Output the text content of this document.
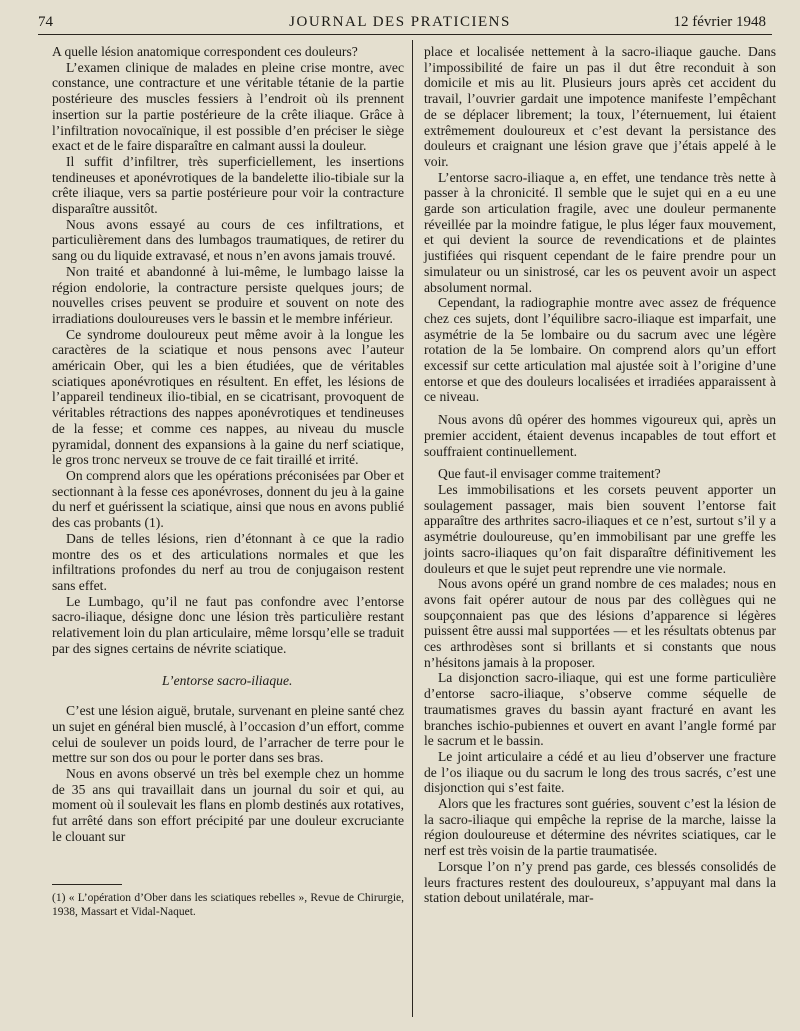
74	JOURNAL DES PRATICIENS	12 février 1948

A quelle lésion anatomique correspondent ces douleurs?

L’examen clinique de malades en pleine crise montre, avec constance, une contracture et une véritable tétanie de la partie postérieure des muscles fessiers à l’endroit où ils prennent insertion sur la partie postérieure de la crête iliaque. Grâce à l’infiltration novocaïnique, il est possible d’en préciser le siège exact et de le faire disparaître en calmant aussi la douleur.

Il suffit d’infiltrer, très superficiellement, les insertions tendineuses et aponévrotiques de la bandelette ilio-tibiale sur la crête iliaque, vers sa partie postérieure pour voir la contracture disparaître aussitôt.

Nous avons essayé au cours de ces infiltrations, et particulièrement dans des lumbagos traumatiques, de retirer du sang ou du liquide extravasé, et nous n’en avons jamais trouvé.

Non traité et abandonné à lui-même, le lumbago laisse la région endolorie, la contracture persiste quelques jours; de nouvelles crises peuvent se produire et souvent on note des irradiations douloureuses vers le bassin et le membre inférieur.

Ce syndrome douloureux peut même avoir à la longue les caractères de la sciatique et nous pensons avec l’auteur américain Ober, qui les a bien étudiées, que de véritables sciatiques aponévrotiques en résultent. En effet, les lésions de l’appareil tendineux ilio-tibial, en se cicatrisant, provoquent de véritables rétractions des nappes aponévrotiques et tendineuses de la fesse; et comme ces nappes, au niveau du muscle pyramidal, donnent des expansions à la gaine du nerf sciatique, le gros tronc nerveux se trouve de ce fait tiraillé et irrité.

On comprend alors que les opérations préconisées par Ober et sectionnant à la fesse ces aponévroses, donnent du jeu à la gaine du nerf et guérissent la sciatique, ainsi que nous en avons publié des cas probants (1).

Dans de telles lésions, rien d’étonnant à ce que la radio montre des os et des articulations normales et que les infiltrations profondes du nerf au trou de conjugaison restent sans effet.

Le Lumbago, qu’il ne faut pas confondre avec l’entorse sacro-iliaque, désigne donc une lésion très particulière restant relativement loin du plan articulaire, même lorsqu’elle se traduit par des signes certains de névrite sciatique.

L’entorse sacro-iliaque.

C’est une lésion aiguë, brutale, survenant en pleine santé chez un sujet en général bien musclé, à l’occasion d’un effort, comme celui de soulever un poids lourd, de l’arracher de terre pour le mettre sur son dos ou pour le porter dans ses bras.

Nous en avons observé un très bel exemple chez un homme de 35 ans qui travaillait dans un journal du soir et qui, au moment où il soulevait les flans en plomb destinés aux rotatives, fut arrêté dans son effort précipité par une douleur excruciante le clouant sur

(1) « L’opération d’Ober dans les sciatiques rebelles », Revue de Chirurgie, 1938, Massart et Vidal-Naquet.

place et localisée nettement à la sacro-iliaque gauche. Dans l’impossibilité de faire un pas il dut être reconduit à son domicile et mis au lit. Plusieurs jours après cet accident du travail, l’ouvrier gardait une impotence manifeste l’empêchant de se déplacer librement; la toux, l’éternuement, lui étaient extrêmement douloureux et c’est devant la persistance des douleurs et craignant une lésion grave que j’étais appelé à le voir.

L’entorse sacro-iliaque a, en effet, une tendance très nette à passer à la chronicité. Il semble que le sujet qui en a eu une garde son articulation fragile, avec une douleur permanente réveillée par la moindre fatigue, le plus léger faux mouvement, et qui devient la source de revendications et de plaintes justifiées qui risquent cependant de le faire prendre pour un simulateur ou un sinistrosé, car les os peuvent avoir un aspect absolument normal.

Cependant, la radiographie montre avec assez de fréquence chez ces sujets, dont l’équilibre sacro-iliaque est imparfait, une asymétrie de la 5e lombaire ou du sacrum avec une légère rotation de la 5e lombaire. On comprend alors qu’un effort excessif sur cette articulation mal ajustée soit à l’origine d’une entorse et que des douleurs localisées et irradiées apparaissent à ce niveau.

Nous avons dû opérer des hommes vigoureux qui, après un premier accident, étaient devenus incapables de tout effort et souffraient continuellement.

Que faut-il envisager comme traitement?

Les immobilisations et les corsets peuvent apporter un soulagement passager, mais bien souvent l’entorse fait apparaître des arthrites sacro-iliaques et ce n’est, surtout s’il y a asymétrie douloureuse, qu’en immobilisant par une greffe les joints sacro-iliaques qu’on fait disparaître définitivement les douleurs et que le sujet peut reprendre une vie normale.

Nous avons opéré un grand nombre de ces malades; nous en avons fait opérer autour de nous par des collègues qui ne soupçonnaient pas que des lésions d’apparence si légères puissent être aussi mal supportées — et les résultats obtenus par ces arthrodèses sont si brillants et si constants que nous n’hésitons jamais à la proposer.

La disjonction sacro-iliaque, qui est une forme particulière d’entorse sacro-iliaque, s’observe comme séquelle de traumatismes graves du bassin ayant fracturé en avant les branches ischio-pubiennes et ouvert en avant l’angle formé par le sacrum et le bassin.

Le joint articulaire a cédé et au lieu d’observer une fracture de l’os iliaque ou du sacrum le long des trous sacrés, c’est une disjonction qui s’est faite.

Alors que les fractures sont guéries, souvent c’est la lésion de la sacro-iliaque qui empêche la reprise de la marche, laisse la région douloureuse et détermine des névrites sciatiques, car le nerf est très voisin de la partie traumatisée.

Lorsque l’on n’y prend pas garde, ces blessés consolidés de leurs fractures restent des douloureux, s’appuyant mal dans la station debout unilatérale, mar-
